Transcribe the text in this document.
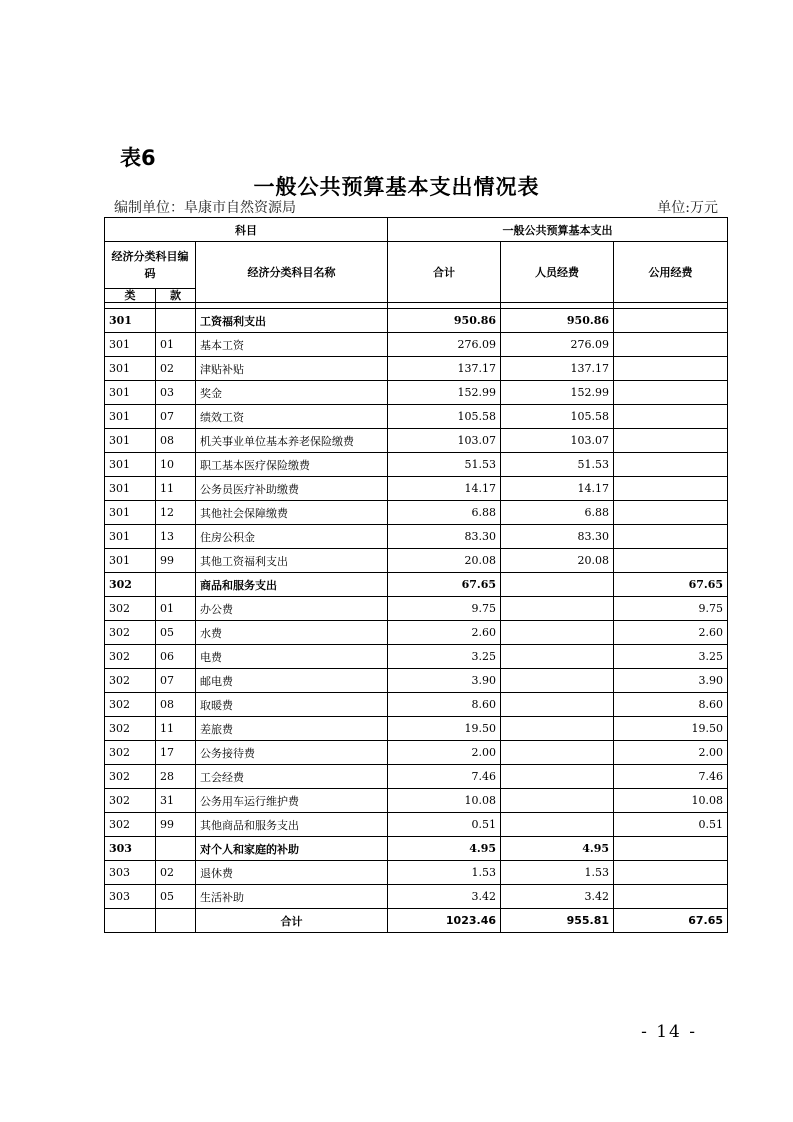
表6
一般公共预算基本支出情况表
编制单位：阜康市自然资源局	单位:万元
科目			一般公共预算基本支出		
经济分类科目编码		经济分类科目名称	合计	人员经费	公用经费
类	款				

301		工资福利支出	950.86	950.86	
301	01	基本工资	276.09	276.09	
301	02	津贴补贴	137.17	137.17	
301	03	奖金	152.99	152.99	
301	07	绩效工资	105.58	105.58	
301	08	机关事业单位基本养老保险缴费	103.07	103.07	
301	10	职工基本医疗保险缴费	51.53	51.53	
301	11	公务员医疗补助缴费	14.17	14.17	
301	12	其他社会保障缴费	6.88	6.88	
301	13	住房公积金	83.30	83.30	
301	99	其他工资福利支出	20.08	20.08	
302		商品和服务支出	67.65		67.65
302	01	办公费	9.75		9.75
302	05	水费	2.60		2.60
302	06	电费	3.25		3.25
302	07	邮电费	3.90		3.90
302	08	取暖费	8.60		8.60
302	11	差旅费	19.50		19.50
302	17	公务接待费	2.00		2.00
302	28	工会经费	7.46		7.46
302	31	公务用车运行维护费	10.08		10.08
302	99	其他商品和服务支出	0.51		0.51
303		对个人和家庭的补助	4.95	4.95	
303	02	退休费	1.53	1.53	
303	05	生活补助	3.42	3.42	
		合计	1023.46	955.81	67.65
- 14 -
